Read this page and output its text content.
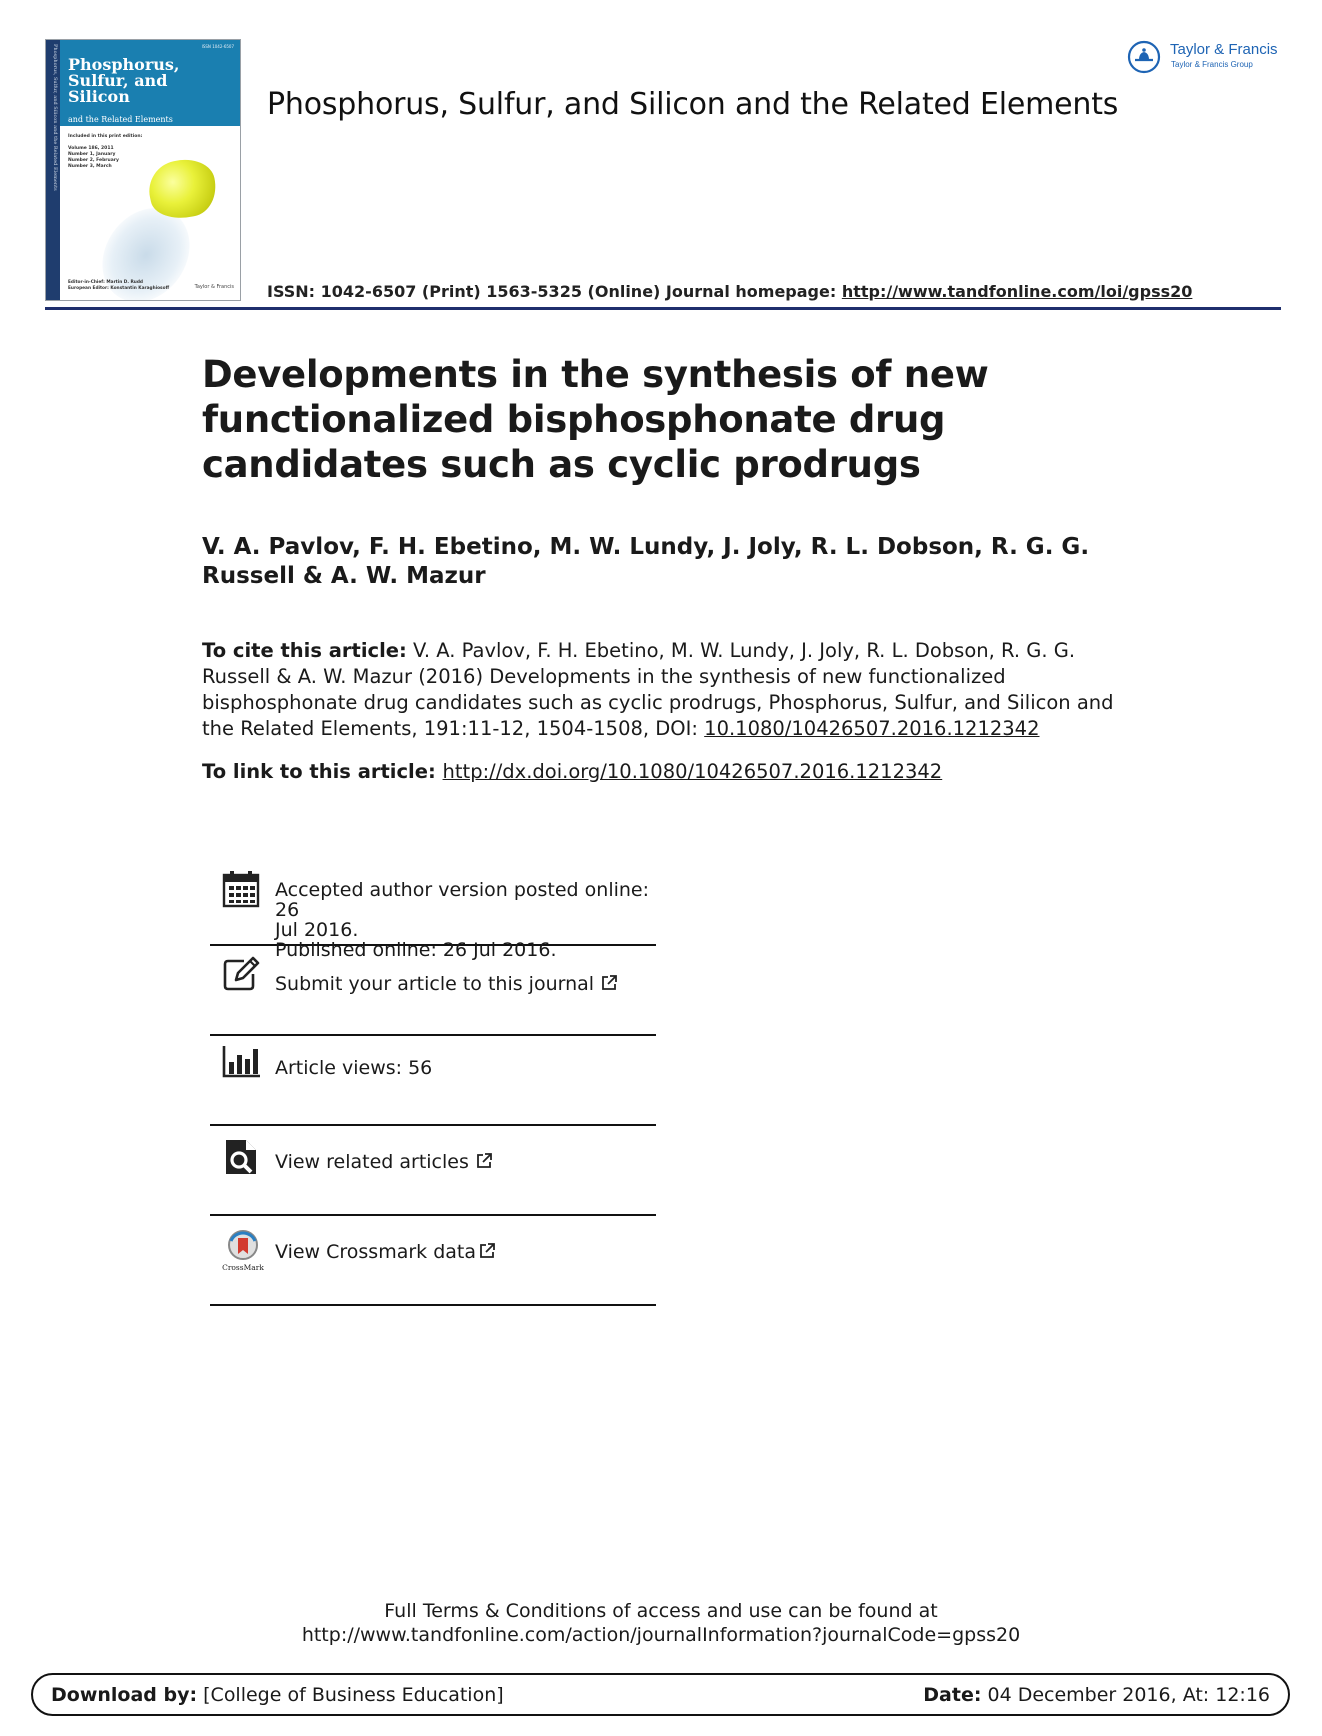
Phosphorus, Sulfur, and Silicon and the Related Elements	ISSN 1042-6507
Phosphorus, Sulfur, and Silicon
and the Related Elements
Included in this print edition:
Volume 186, 2011
Number 1, January
Number 2, February
Number 3, March
Editor-in-Chief: Martin D. Rudd
European Editor: Konstantin Karaghiosoff	Taylor & Francis
Taylor & Francis
Taylor & Francis Group
Phosphorus, Sulfur, and Silicon and the Related Elements
ISSN: 1042-6507 (Print) 1563-5325 (Online) Journal homepage: http://www.tandfonline.com/loi/gpss20
Developments in the synthesis of new functionalized bisphosphonate drug candidates such as cyclic prodrugs
V. A. Pavlov, F. H. Ebetino, M. W. Lundy, J. Joly, R. L. Dobson, R. G. G. Russell & A. W. Mazur
To cite this article: V. A. Pavlov, F. H. Ebetino, M. W. Lundy, J. Joly, R. L. Dobson, R. G. G. Russell & A. W. Mazur (2016) Developments in the synthesis of new functionalized bisphosphonate drug candidates such as cyclic prodrugs, Phosphorus, Sulfur, and Silicon and the Related Elements, 191:11-12, 1504-1508, DOI: 10.1080/10426507.2016.1212342
To link to this article: http://dx.doi.org/10.1080/10426507.2016.1212342
Accepted author version posted online: 26
Jul 2016.
Published online: 26 Jul 2016.
Submit your article to this journal
Article views: 56
View related articles
CrossMark
View Crossmark data
Full Terms & Conditions of access and use can be found at
http://www.tandfonline.com/action/journalInformation?journalCode=gpss20
Download by: [College of Business Education]	Date: 04 December 2016, At: 12:16
